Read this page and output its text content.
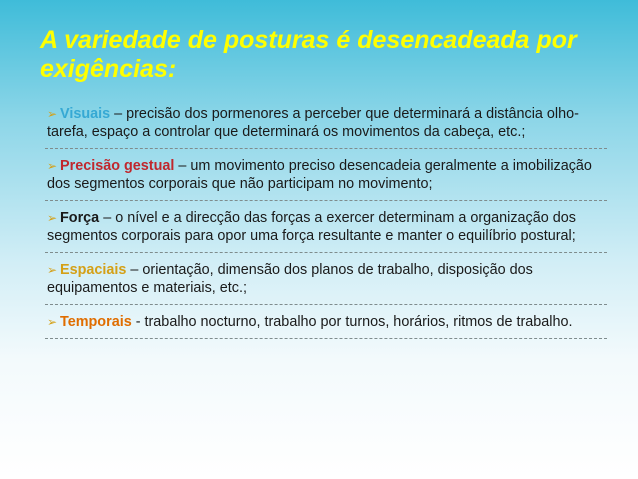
A variedade de posturas é desencadeada por exigências:
➢ Visuais – precisão dos pormenores a perceber que determinará a distância olho-tarefa, espaço a controlar que determinará os movimentos da cabeça, etc.;
➢ Precisão gestual – um movimento preciso desencadeia geralmente a imobilização dos segmentos corporais que não participam no movimento;
➢ Força – o nível e a direcção das forças a exercer determinam a organização dos segmentos corporais para opor uma força resultante e manter o equilíbrio postural;
➢ Espaciais – orientação, dimensão dos planos de trabalho, disposição dos equipamentos e materiais, etc.;
➢ Temporais - trabalho nocturno, trabalho por turnos, horários, ritmos de trabalho.
